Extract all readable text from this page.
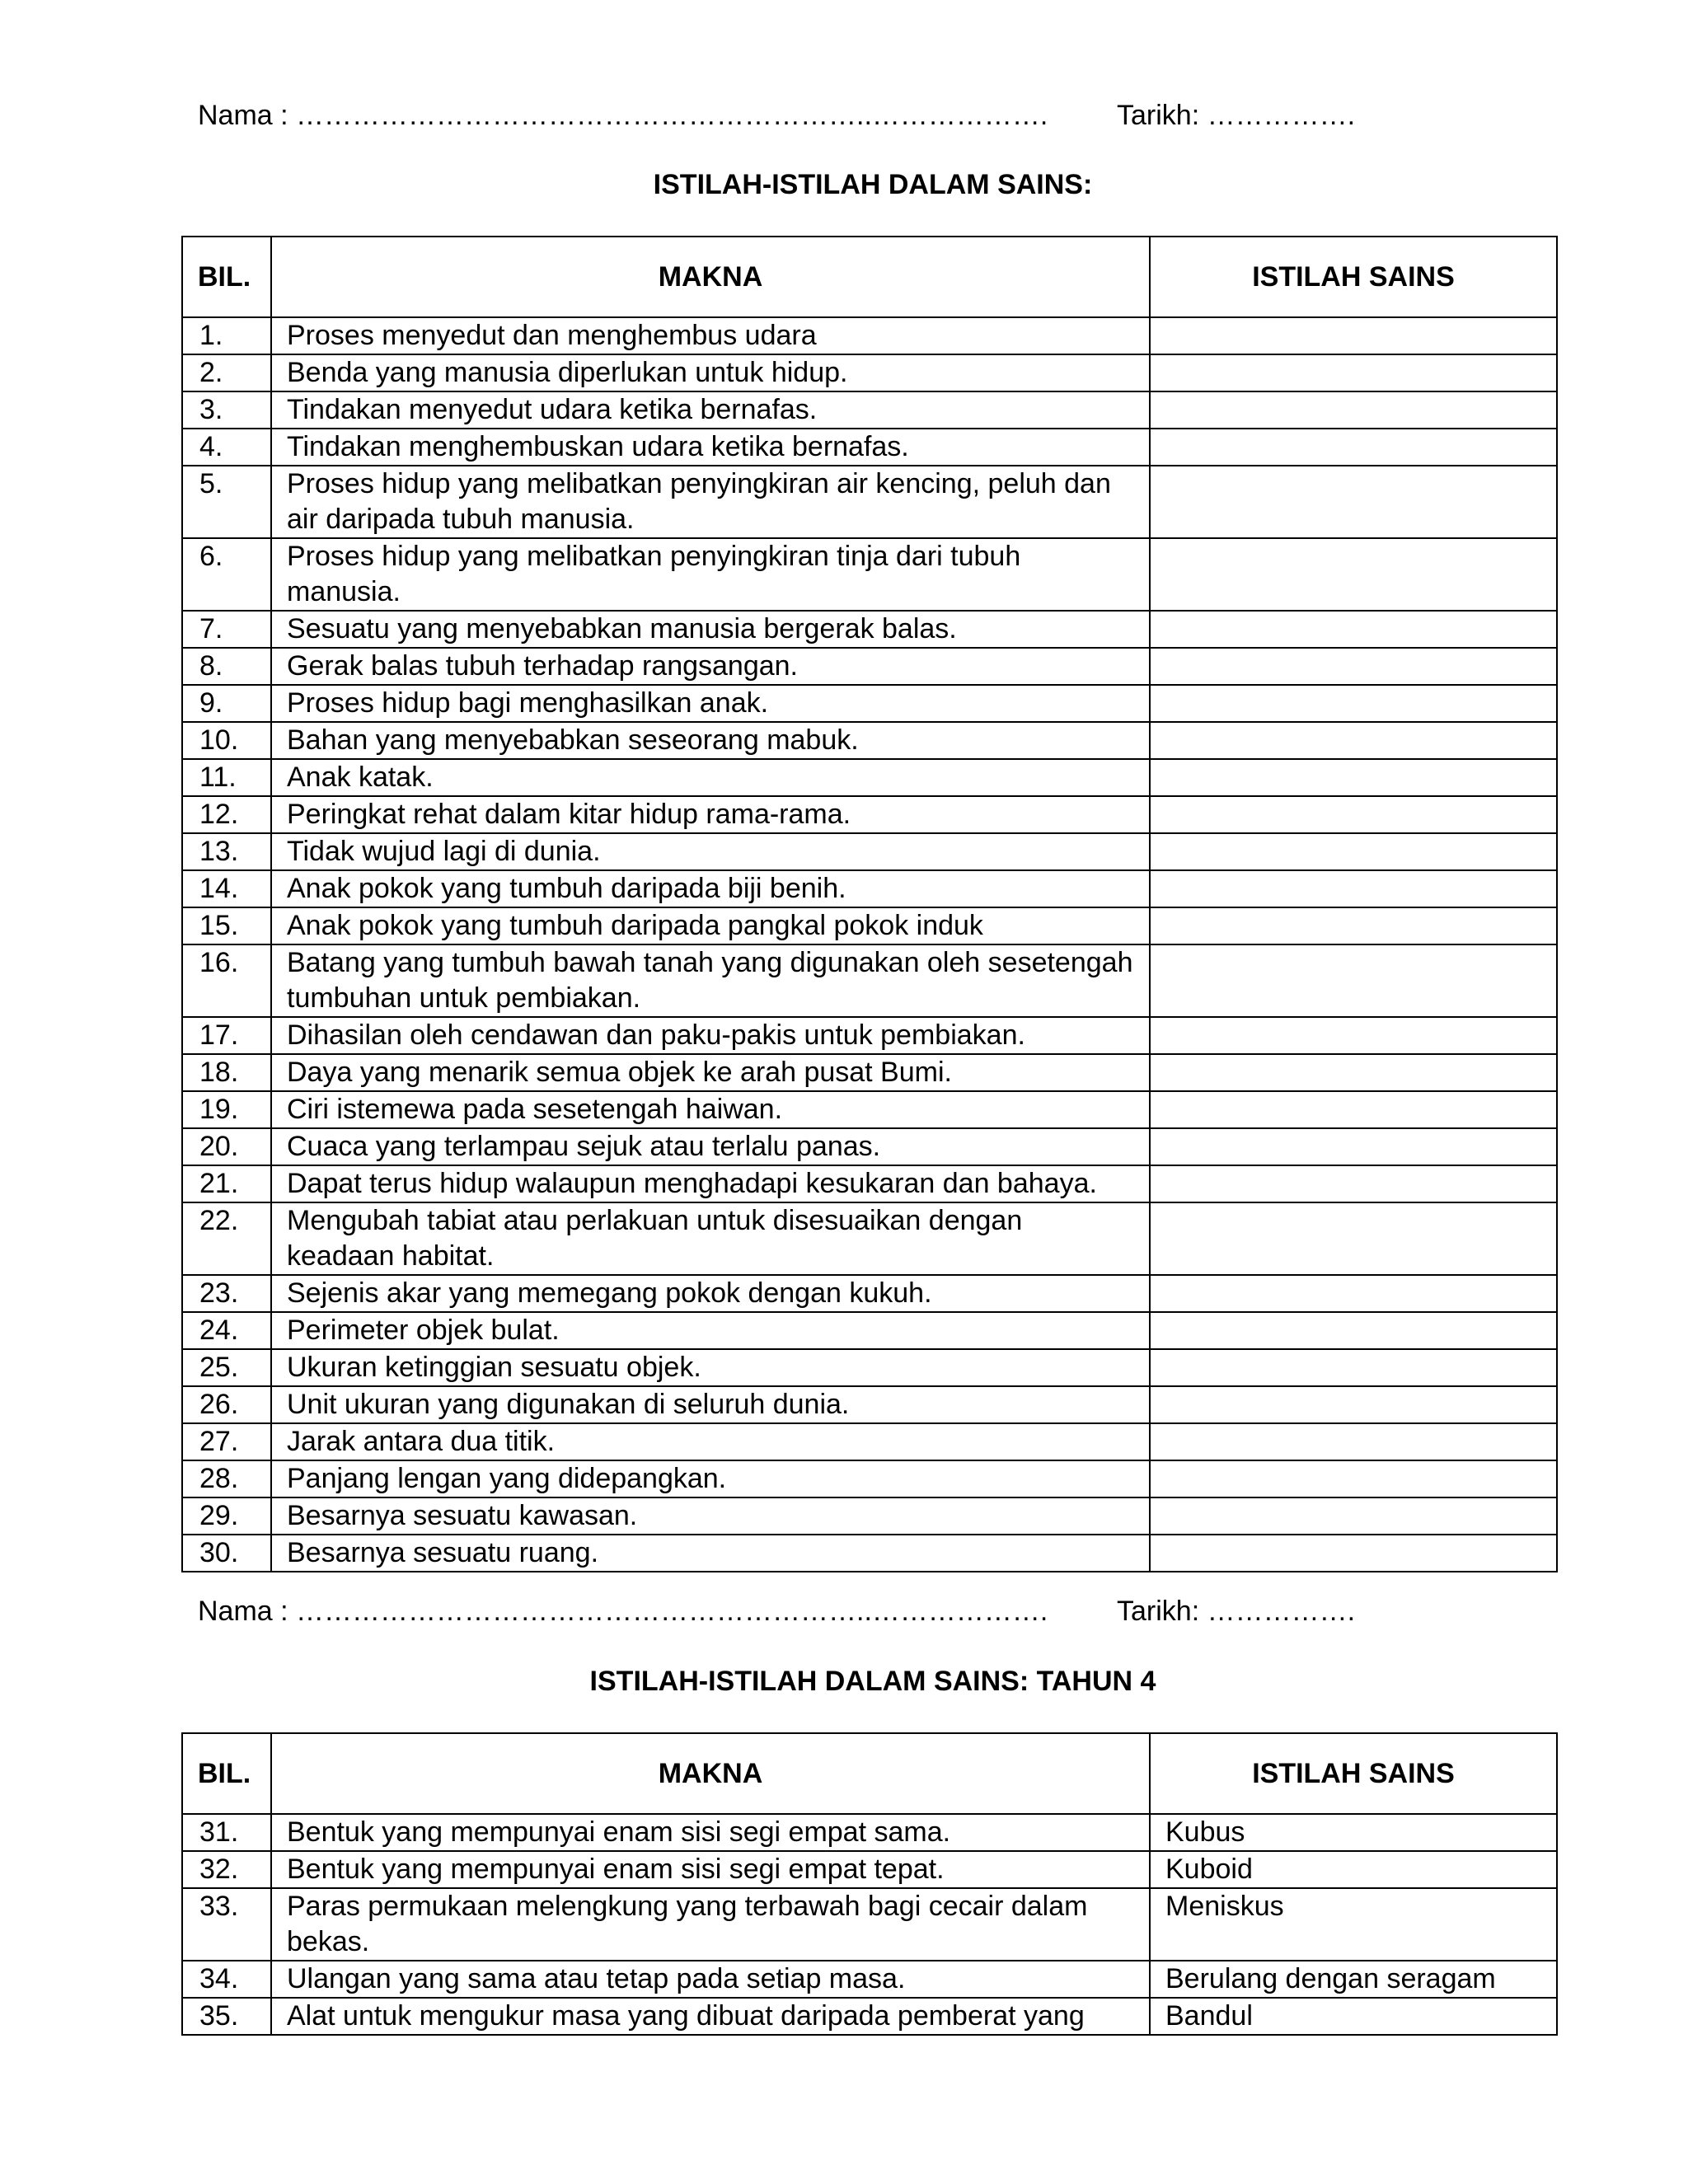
Nama : ……………………………………………………..………………. Tarikh: …………….
ISTILAH-ISTILAH DALAM SAINS:
BIL.	MAKNA	ISTILAH SAINS
1.	Proses menyedut dan menghembus udara	
2.	Benda yang manusia diperlukan untuk hidup.	
3.	Tindakan menyedut udara ketika bernafas.	
4.	Tindakan menghembuskan udara ketika bernafas.	
5.	Proses hidup yang melibatkan penyingkiran air kencing, peluh dan air daripada tubuh manusia.	
6.	Proses hidup yang melibatkan penyingkiran tinja dari tubuh manusia.	
7.	Sesuatu yang menyebabkan manusia bergerak balas.	
8.	Gerak balas tubuh terhadap rangsangan.	
9.	Proses hidup bagi menghasilkan anak.	
10.	Bahan yang menyebabkan seseorang mabuk.	
11.	Anak katak.	
12.	Peringkat rehat dalam kitar hidup rama-rama.	
13.	Tidak wujud lagi di dunia.	
14.	Anak pokok yang tumbuh daripada biji benih.	
15.	Anak pokok yang tumbuh daripada pangkal pokok induk	
16.	Batang yang tumbuh bawah tanah yang digunakan oleh sesetengah tumbuhan untuk pembiakan.	
17.	Dihasilan oleh cendawan dan paku-pakis untuk pembiakan.	
18.	Daya yang menarik semua objek ke arah pusat Bumi.	
19.	Ciri istemewa pada sesetengah haiwan.	
20.	Cuaca yang terlampau sejuk atau terlalu panas.	
21.	Dapat terus hidup walaupun menghadapi kesukaran dan bahaya.	
22.	Mengubah tabiat atau perlakuan untuk disesuaikan dengan keadaan habitat.	
23.	Sejenis akar yang memegang pokok dengan kukuh.	
24.	Perimeter objek bulat.	
25.	Ukuran ketinggian sesuatu objek.	
26.	Unit ukuran yang digunakan di seluruh dunia.	
27.	Jarak antara dua titik.	
28.	Panjang lengan yang didepangkan.	
29.	Besarnya sesuatu kawasan.	
30.	Besarnya sesuatu ruang.	
Nama : ……………………………………………………..………………. Tarikh: …………….
ISTILAH-ISTILAH DALAM SAINS: TAHUN 4
BIL.	MAKNA	ISTILAH SAINS
31.	Bentuk yang mempunyai enam sisi segi empat sama.	Kubus
32.	Bentuk yang mempunyai enam sisi segi empat tepat.	Kuboid
33.	Paras permukaan melengkung yang terbawah bagi cecair dalam bekas.	Meniskus
34.	Ulangan yang sama atau tetap pada setiap masa.	Berulang dengan seragam
35.	Alat untuk mengukur masa yang dibuat daripada pemberat yang	Bandul
